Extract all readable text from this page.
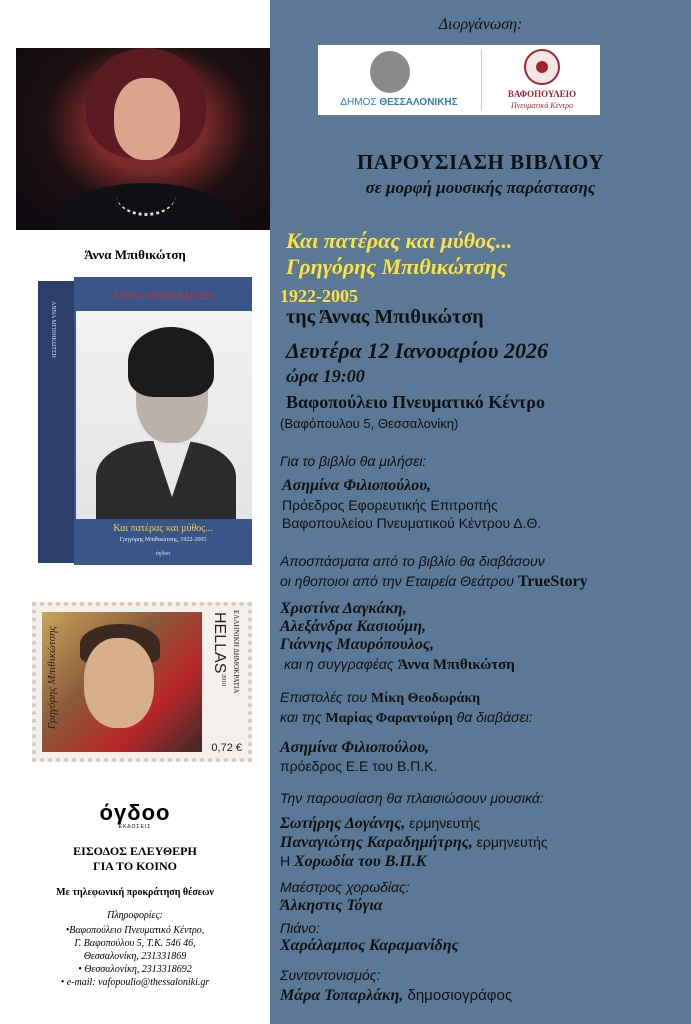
Άννα Μπιθικώτση
ΑΝΝΑ ΜΠΙΘΙΚΩΤΣΗ
ΑΝΝΑ ΜΠΙΘΙΚΩΤΣΗ
Και πατέρας και μύθος...
Γρηγόρης Μπιθικώτσης, 1922-2005
όγδοο
Γρηγόρης Μπιθικώτσης	ΕΛΛΗΝΙΚΗ ΔΗΜΟΚΡΑΤΙΑ
HELLAS
2010
0,72 €
όγδοο
ΕΚΔΟΣΕΙΣ
ΕΙΣΟΔΟΣ ΕΛΕΥΘΕΡΗ
ΓΙΑ ΤΟ ΚΟΙΝΟ
Με τηλεφωνική προκράτηση θέσεων
Πληροφορίες:
•Βαφοπούλειο Πνευματικό Κέντρο,
Γ. Βαφοπούλου 5, Τ.Κ. 546 46,
Θεσσαλονίκη, 231331869
• Θεσσαλονίκη, 2313318692
• e-mail: vafopoulio@thessaloniki.gr
Διοργάνωση:
ΔΗΜΟΣ ΘΕΣΣΑΛΟΝΙΚΗΣ
ΒΑΦΟΠΟΥΛΕΙΟ
Πνευματικό Κέντρο
ΠΑΡΟΥΣΙΑΣΗ ΒΙΒΛΙΟΥ
σε μορφή μουσικής παράστασης
Και πατέρας και μύθος...
Γρηγόρης Μπιθικώτσης
1922-2005
της Άννας Μπιθικώτση
Δευτέρα 12 Ιανουαρίου 2026
ώρα 19:00
Βαφοπούλειο Πνευματικό Κέντρο
(Βαφόπουλου 5, Θεσσαλονίκη)
Για το βιβλίο θα μιλήσει:
Ασημίνα Φιλιοπούλου,
Πρόεδρος Εφορευτικής Επιτροπής
Βαφοπουλείου Πνευματικού Κέντρου Δ.Θ.
Αποσπάσματα από το βιβλίο θα διαβάσουν
οι ηθοποιοι από την Εταιρεία Θεάτρου TrueStory
Χριστίνα Δαγκάκη,
Αλεξάνδρα Κασιούμη,
Γιάννης Μαυρόπουλος,
και η συγγραφέας Άννα Μπιθικώτση
Επιστολές του Μίκη Θεοδωράκη
και της Μαρίας Φαραντούρη θα διαβάσει:
Ασημίνα Φιλιοπούλου,
πρόεδρος Ε.Ε του Β.Π.Κ.
Την παρουσίαση θα πλαισιώσουν μουσικά:
Σωτήρης Δογάνης, ερμηνευτής
Παναγιώτης Καραδημήτρης, ερμηνευτής
Η Χορωδία του Β.Π.Κ
Μαέστρος χορωδίας:
Άλκηστις Τόγια
Πιάνο:
Χαράλαμπος Καραμανίδης
Συντοντονισμός:
Μάρα Τοπαρλάκη, δημοσιογράφος
